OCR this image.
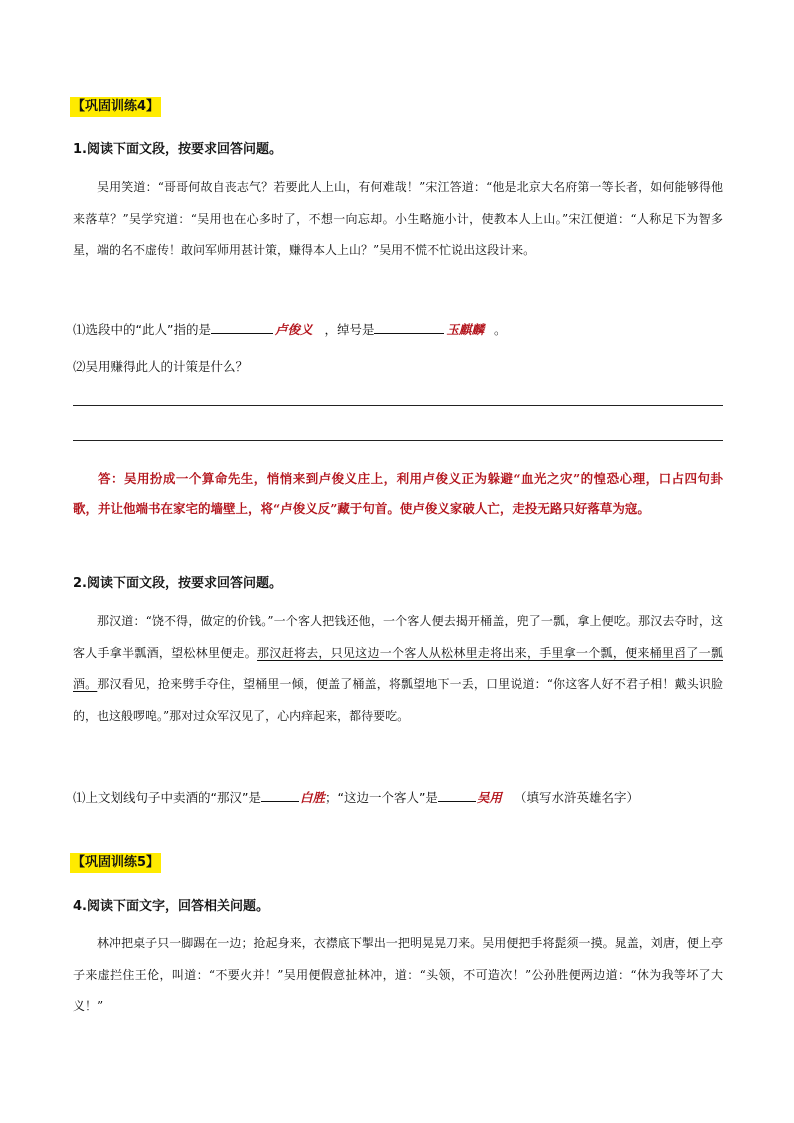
【巩固训练4】
1.阅读下面文段，按要求回答问题。

吴用笑道：“哥哥何故自丧志气？若要此人上山，有何难哉！”宋江答道：“他是北京大名府第一等长者，如何能够得他来落草？”吴学究道：“吴用也在心多时了，不想一向忘却。小生略施小计，使教本人上山。”宋江便道：“人称足下为智多星，端的名不虚传！敢问军师用甚计策，赚得本人上山？”吴用不慌不忙说出这段计来。

⑴选段中的“此人”指的是	卢俊义 ，绰号是	玉麒麟 。
⑵吴用赚得此人的计策是什么？

答：吴用扮成一个算命先生，悄悄来到卢俊义庄上，利用卢俊义正为躲避“血光之灾”的惶恐心理，口占四句卦歌，并让他端书在家宅的墙壁上，将“卢俊义反”藏于句首。使卢俊义家破人亡，走投无路只好落草为寇。

2.阅读下面文段，按要求回答问题。

那汉道：“饶不得，做定的价钱。”一个客人把钱还他，一个客人便去揭开桶盖，兜了一瓢，拿上便吃。那汉去夺时，这客人手拿半瓢酒，望松林里便走。那汉赶将去，只见这边一个客人从松林里走将出来，手里拿一个瓢，便来桶里舀了一瓢酒。那汉看见，抢来劈手夺住，望桶里一倾，便盖了桶盖，将瓢望地下一丢，口里说道：“你这客人好不君子相！戴头识脸的，也这般啰唣。”那对过众军汉见了，心内痒起来，都待要吃。

⑴上文划线句子中卖酒的“那汉”是	白胜；“这边一个客人”是	吴用 （填写水浒英雄名字）
【巩固训练5】
4.阅读下面文字，回答相关问题。

林冲把桌子只一脚踢在一边；抢起身来，衣襟底下掣出一把明晃晃刀来。吴用便把手将髭须一摸。晁盖，刘唐，便上亭子来虚拦住王伦，叫道：“不要火并！”吴用便假意扯林冲，道：“头领，不可造次！”公孙胜便两边道：“休为我等坏了大义！”
